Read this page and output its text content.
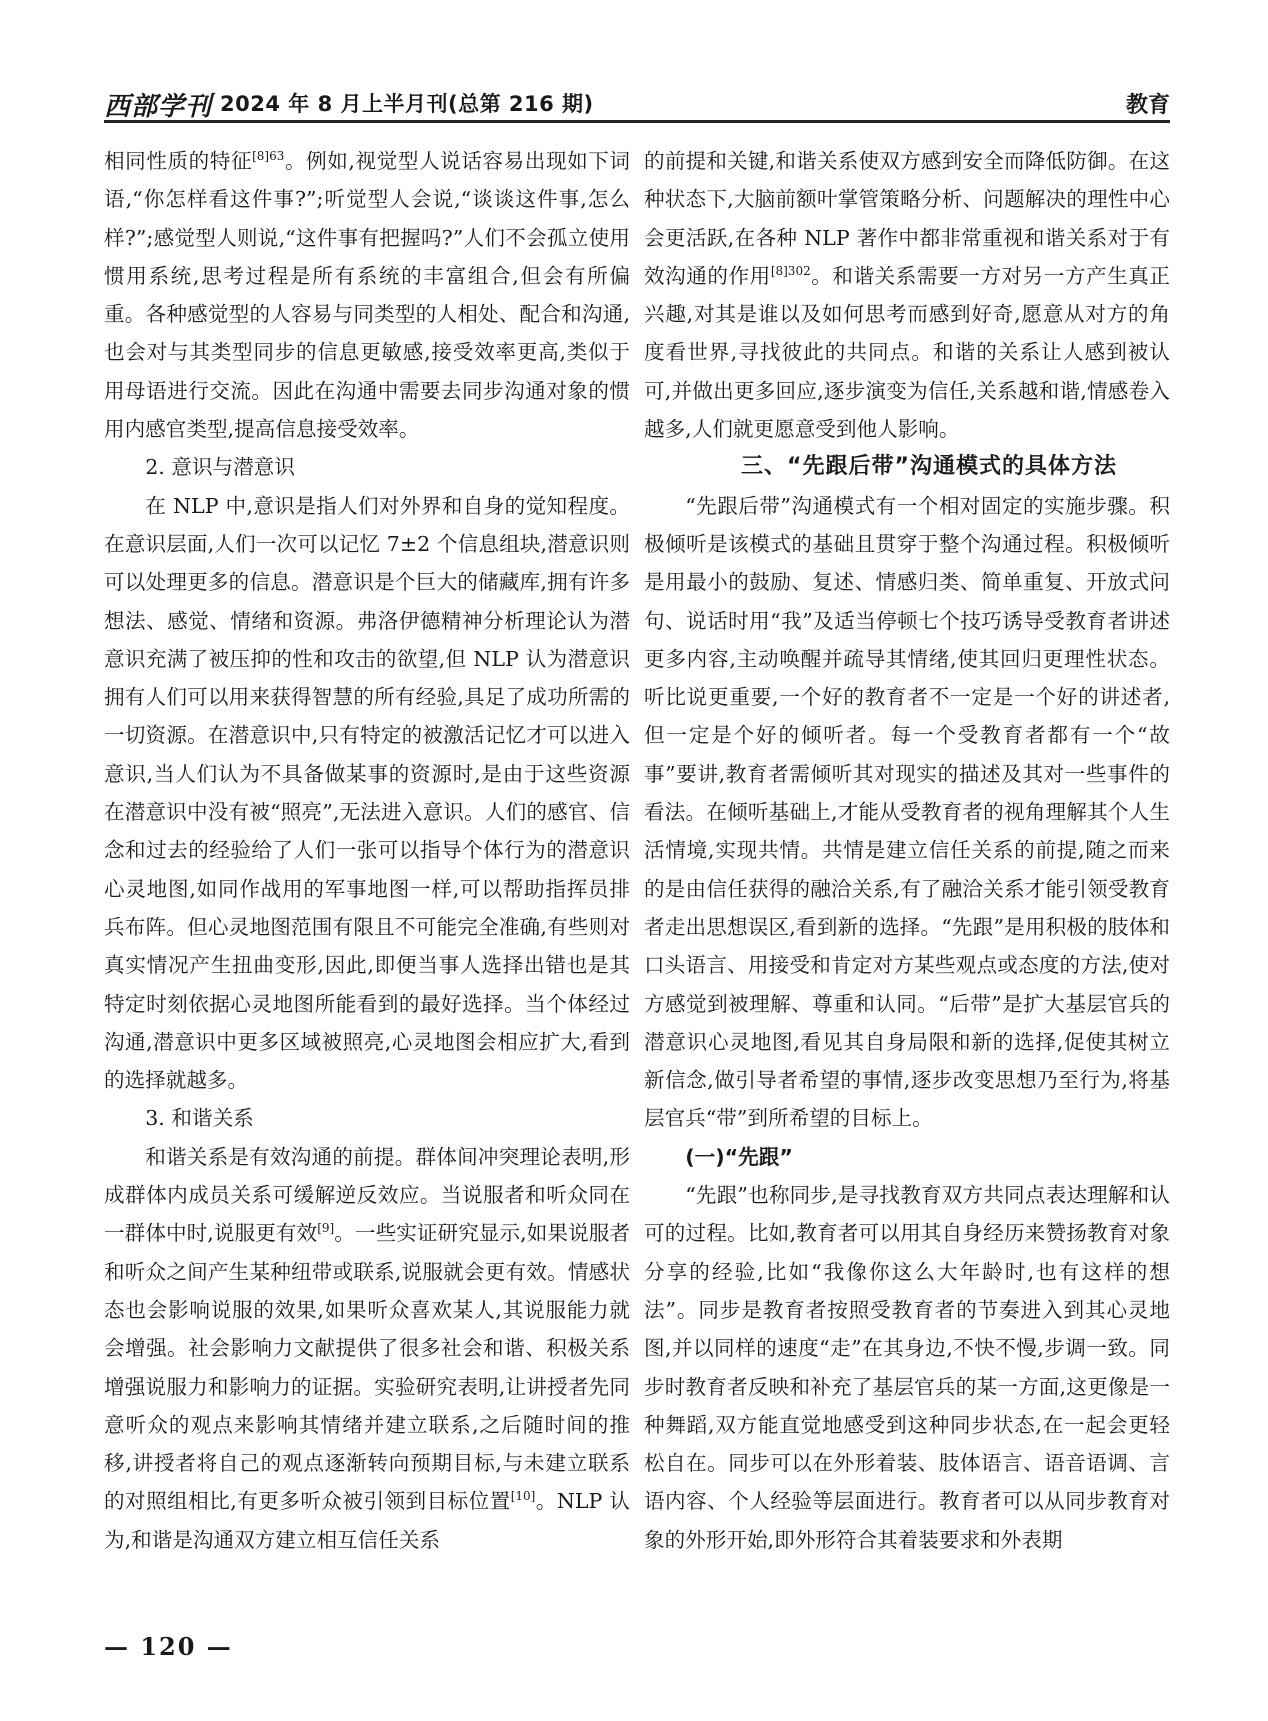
西部学刊 2024 年 8 月上半月刊(总第 216 期)	教育

相同性质的特征$^{[8]63}$。例如,视觉型人说话容易出现如下词语,“你怎样看这件事?”;听觉型人会说,“谈谈这件事,怎么样?”;感觉型人则说,“这件事有把握吗?”人们不会孤立使用惯用系统,思考过程是所有系统的丰富组合,但会有所偏重。各种感觉型的人容易与同类型的人相处、配合和沟通,也会对与其类型同步的信息更敏感,接受效率更高,类似于用母语进行交流。因此在沟通中需要去同步沟通对象的惯用内感官类型,提高信息接受效率。

2. 意识与潜意识

在 NLP 中,意识是指人们对外界和自身的觉知程度。在意识层面,人们一次可以记忆 7±2 个信息组块,潜意识则可以处理更多的信息。潜意识是个巨大的储藏库,拥有许多想法、感觉、情绪和资源。弗洛伊德精神分析理论认为潜意识充满了被压抑的性和攻击的欲望,但 NLP 认为潜意识拥有人们可以用来获得智慧的所有经验,具足了成功所需的一切资源。在潜意识中,只有特定的被激活记忆才可以进入意识,当人们认为不具备做某事的资源时,是由于这些资源在潜意识中没有被“照亮”,无法进入意识。人们的感官、信念和过去的经验给了人们一张可以指导个体行为的潜意识心灵地图,如同作战用的军事地图一样,可以帮助指挥员排兵布阵。但心灵地图范围有限且不可能完全准确,有些则对真实情况产生扭曲变形,因此,即便当事人选择出错也是其特定时刻依据心灵地图所能看到的最好选择。当个体经过沟通,潜意识中更多区域被照亮,心灵地图会相应扩大,看到的选择就越多。

3. 和谐关系

和谐关系是有效沟通的前提。群体间冲突理论表明,形成群体内成员关系可缓解逆反效应。当说服者和听众同在一群体中时,说服更有效[9]。一些实证研究显示,如果说服者和听众之间产生某种纽带或联系,说服就会更有效。情感状态也会影响说服的效果,如果听众喜欢某人,其说服能力就会增强。社会影响力文献提供了很多社会和谐、积极关系增强说服力和影响力的证据。实验研究表明,让讲授者先同意听众的观点来影响其情绪并建立联系,之后随时间的推移,讲授者将自己的观点逐渐转向预期目标,与未建立联系的对照组相比,有更多听众被引领到目标位置[10]。NLP 认为,和谐是沟通双方建立相互信任关系

的前提和关键,和谐关系使双方感到安全而降低防御。在这种状态下,大脑前额叶掌管策略分析、问题解决的理性中心会更活跃,在各种 NLP 著作中都非常重视和谐关系对于有效沟通的作用$^{[8]302}$。和谐关系需要一方对另一方产生真正兴趣,对其是谁以及如何思考而感到好奇,愿意从对方的角度看世界,寻找彼此的共同点。和谐的关系让人感到被认可,并做出更多回应,逐步演变为信任,关系越和谐,情感卷入越多,人们就更愿意受到他人影响。

三、“先跟后带”沟通模式的具体方法

“先跟后带”沟通模式有一个相对固定的实施步骤。积极倾听是该模式的基础且贯穿于整个沟通过程。积极倾听是用最小的鼓励、复述、情感归类、简单重复、开放式问句、说话时用“我”及适当停顿七个技巧诱导受教育者讲述更多内容,主动唤醒并疏导其情绪,使其回归更理性状态。听比说更重要,一个好的教育者不一定是一个好的讲述者,但一定是个好的倾听者。每一个受教育者都有一个“故事”要讲,教育者需倾听其对现实的描述及其对一些事件的看法。在倾听基础上,才能从受教育者的视角理解其个人生活情境,实现共情。共情是建立信任关系的前提,随之而来的是由信任获得的融洽关系,有了融洽关系才能引领受教育者走出思想误区,看到新的选择。“先跟”是用积极的肢体和口头语言、用接受和肯定对方某些观点或态度的方法,使对方感觉到被理解、尊重和认同。“后带”是扩大基层官兵的潜意识心灵地图,看见其自身局限和新的选择,促使其树立新信念,做引导者希望的事情,逐步改变思想乃至行为,将基层官兵“带”到所希望的目标上。

(一)“先跟”

“先跟”也称同步,是寻找教育双方共同点表达理解和认可的过程。比如,教育者可以用其自身经历来赞扬教育对象分享的经验,比如“我像你这么大年龄时,也有这样的想法”。同步是教育者按照受教育者的节奏进入到其心灵地图,并以同样的速度“走”在其身边,不快不慢,步调一致。同步时教育者反映和补充了基层官兵的某一方面,这更像是一种舞蹈,双方能直觉地感受到这种同步状态,在一起会更轻松自在。同步可以在外形着装、肢体语言、语音语调、言语内容、个人经验等层面进行。教育者可以从同步教育对象的外形开始,即外形符合其着装要求和外表期

— 120 —
